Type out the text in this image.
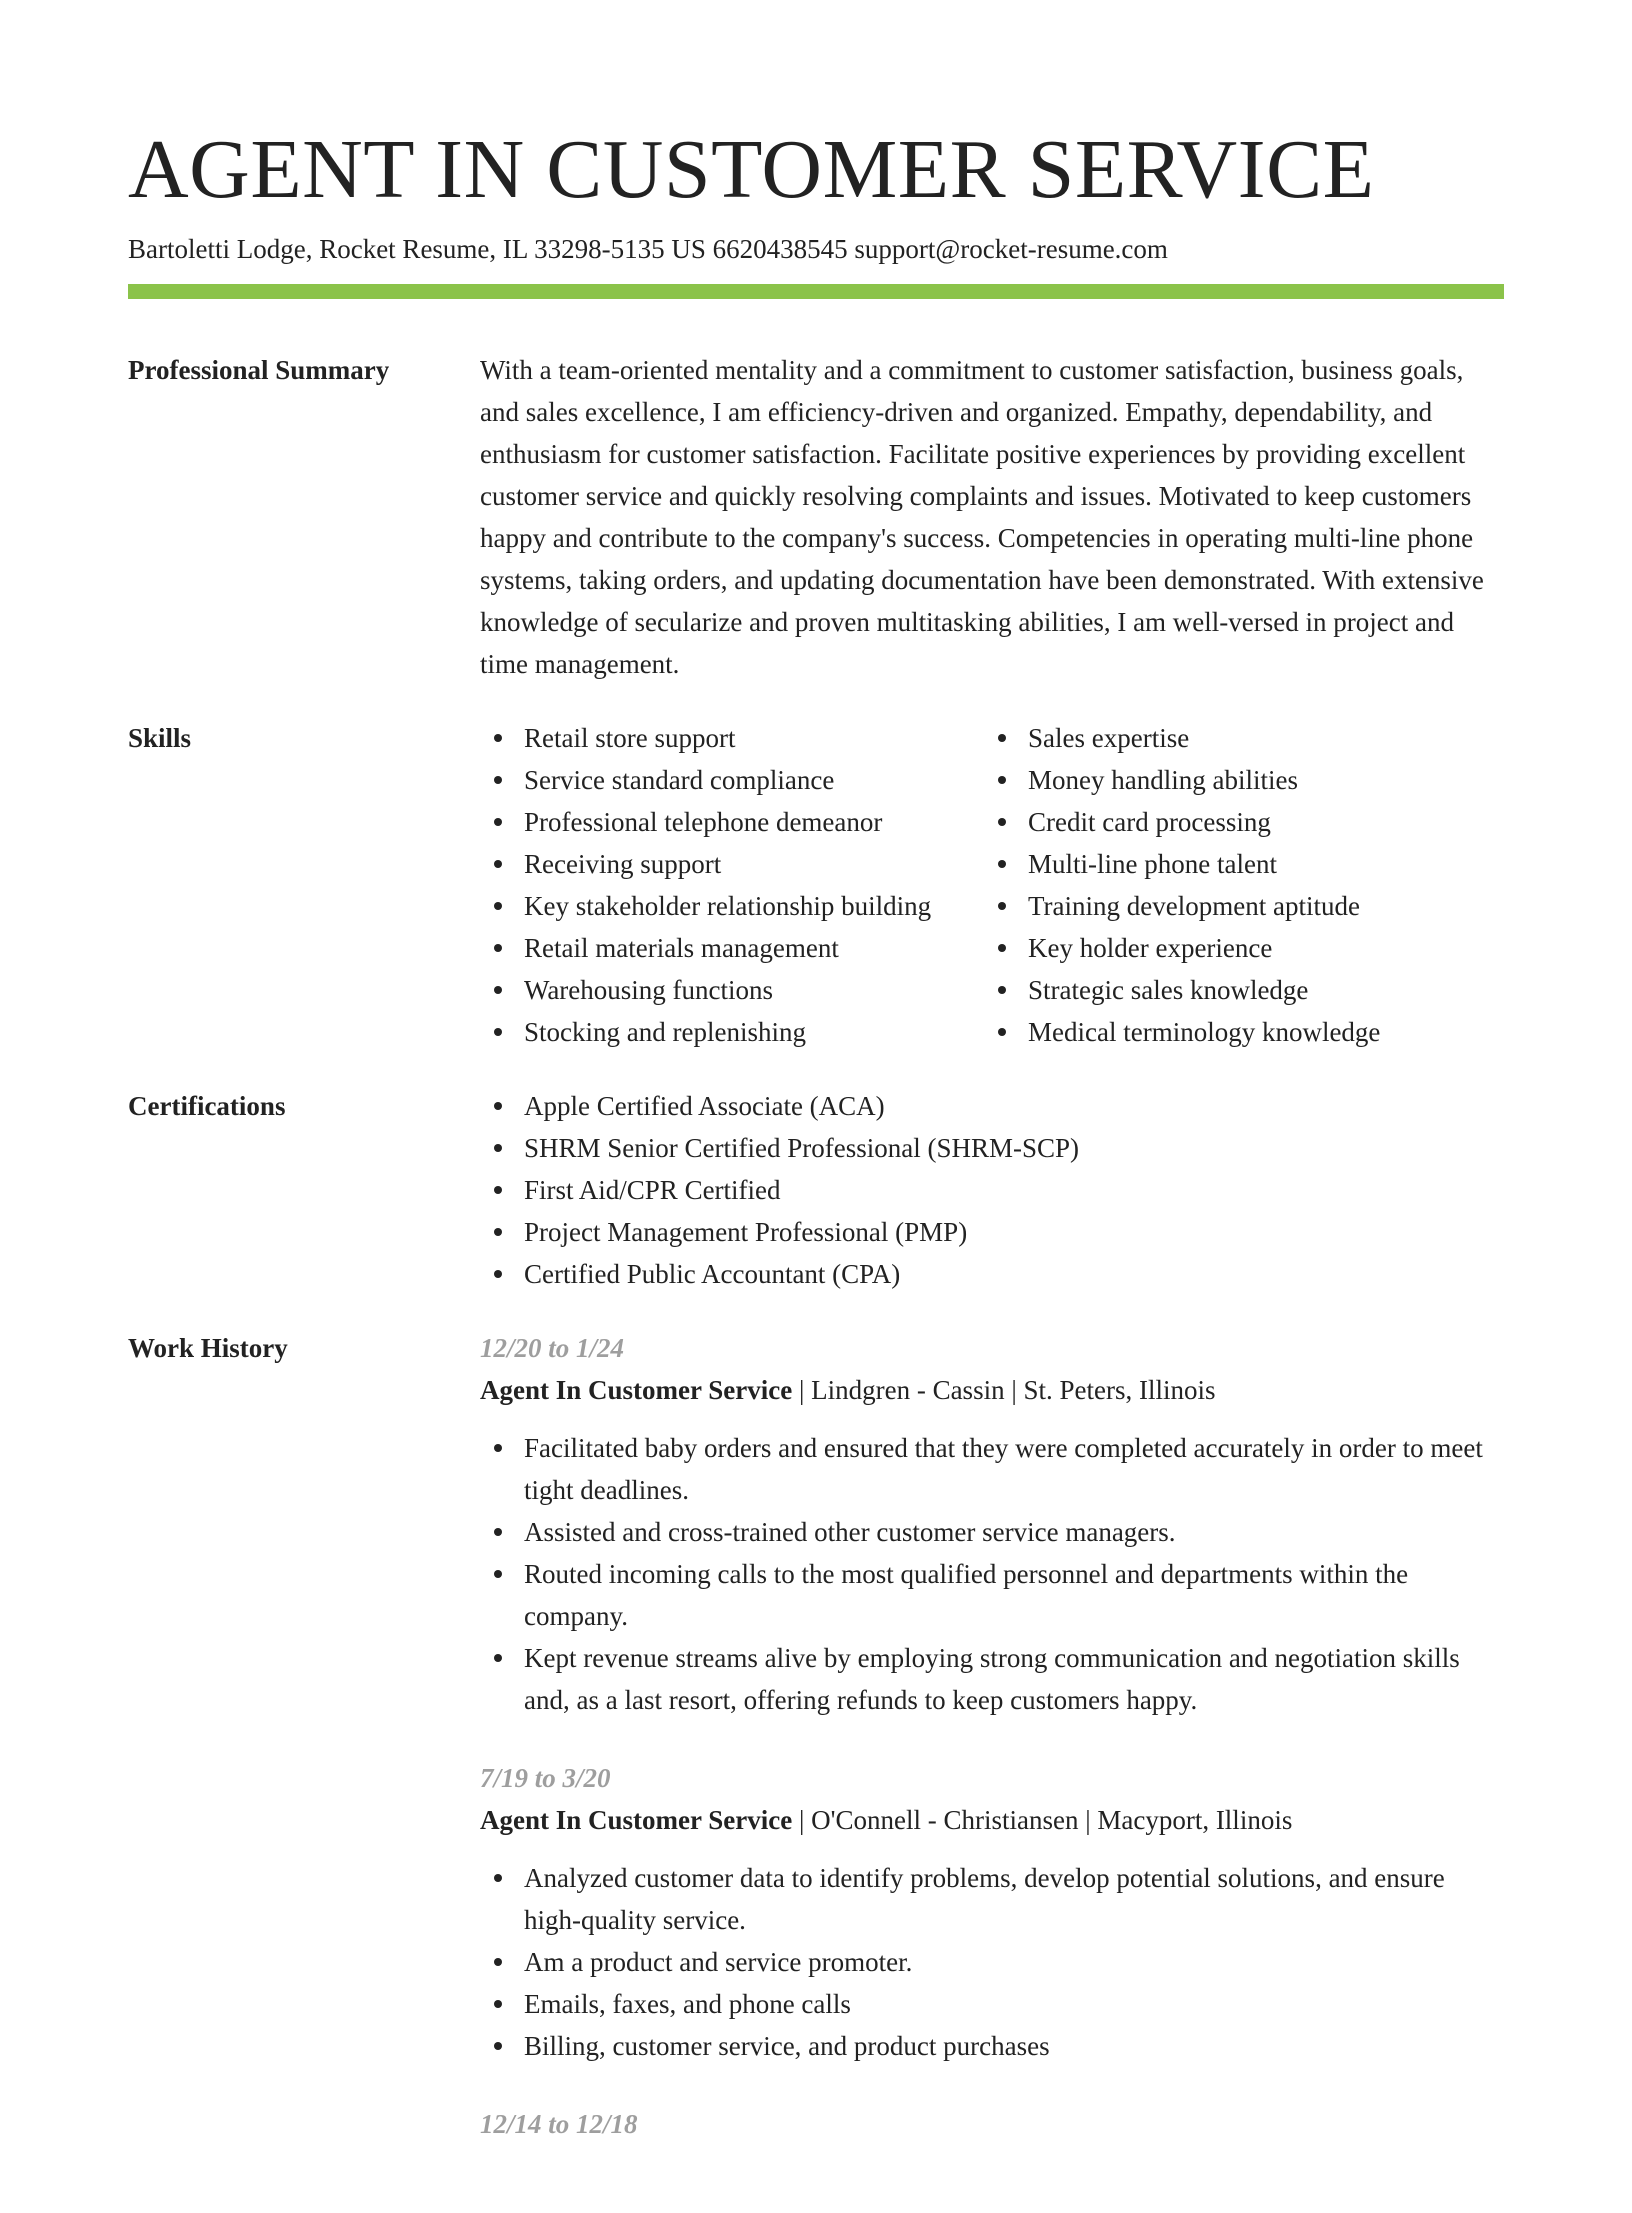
AGENT IN CUSTOMER SERVICE
Bartoletti Lodge, Rocket Resume, IL 33298-5135 US 6620438545 support@rocket-resume.com
Professional Summary	With a team-oriented mentality and a commitment to customer satisfaction, business goals, and sales excellence, I am efficiency-driven and organized. Empathy, dependability, and enthusiasm for customer satisfaction. Facilitate positive experiences by providing excellent customer service and quickly resolving complaints and issues. Motivated to keep customers happy and contribute to the company's success. Competencies in operating multi-line phone systems, taking orders, and updating documentation have been demonstrated. With extensive knowledge of secularize and proven multitasking abilities, I am well-versed in project and time management.

Skills	Retail store support
Service standard compliance
Professional telephone demeanor
Receiving support
Key stakeholder relationship building
Retail materials management
Warehousing functions
Stocking and replenishing
Sales expertise
Money handling abilities
Credit card processing
Multi-line phone talent
Training development aptitude
Key holder experience
Strategic sales knowledge
Medical terminology knowledge
Certifications	Apple Certified Associate (ACA)
SHRM Senior Certified Professional (SHRM-SCP)
First Aid/CPR Certified
Project Management Professional (PMP)
Certified Public Accountant (CPA)
Work History	12/20 to 1/24
Agent In Customer Service | Lindgren - Cassin | St. Peters, Illinois
Facilitated baby orders and ensured that they were completed accurately in order to meet tight deadlines.
Assisted and cross-trained other customer service managers.
Routed incoming calls to the most qualified personnel and departments within the company.
Kept revenue streams alive by employing strong communication and negotiation skills and, as a last resort, offering refunds to keep customers happy.
7/19 to 3/20
Agent In Customer Service | O'Connell - Christiansen | Macyport, Illinois
Analyzed customer data to identify problems, develop potential solutions, and ensure high-quality service.
Am a product and service promoter.
Emails, faxes, and phone calls
Billing, customer service, and product purchases
12/14 to 12/18
